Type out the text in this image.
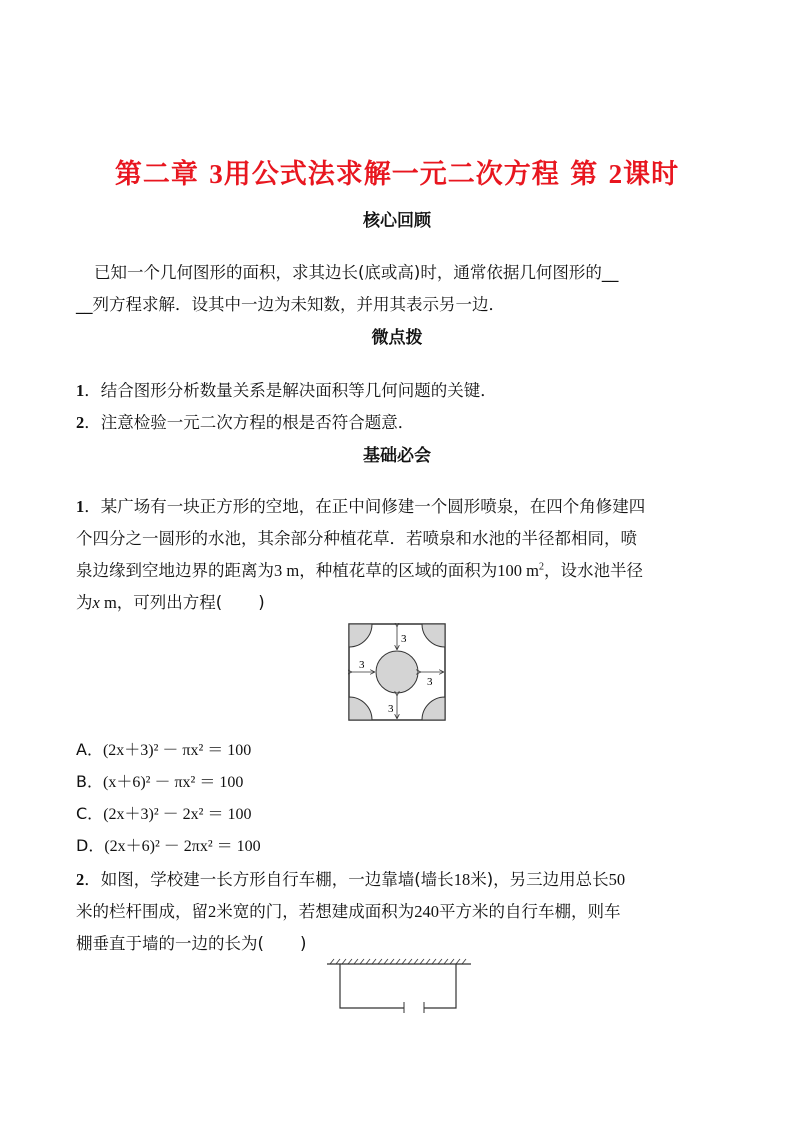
第二章 3用公式法求解一元二次方程 第 2课时
核心回顾
已知一个几何图形的面积，求其边长(底或高)时，通常依据几何图形的__
__列方程求解．设其中一边为未知数，并用其表示另一边．
微点拨
1．结合图形分析数量关系是解决面积等几何问题的关键．
2．注意检验一元二次方程的根是否符合题意．
基础必会
1．某广场有一块正方形的空地，在正中间修建一个圆形喷泉，在四个角修建四
个四分之一圆形的水池，其余部分种植花草．若喷泉和水池的半径都相同，喷
泉边缘到空地边界的距离为3 m，种植花草的区域的面积为100 $m^2$，设水池半径
为x m，可列出方程( )
3
3
3
3
A．(2x＋3)² － πx² ＝ 100
B．(x＋6)² － πx² ＝ 100
C．(2x＋3)² － 2x² ＝ 100
D．(2x＋6)² － 2πx² ＝ 100
2．如图，学校建一长方形自行车棚，一边靠墙(墙长18米)，另三边用总长50
米的栏杆围成，留2米宽的门，若想建成面积为240平方米的自行车棚，则车
棚垂直于墙的一边的长为( )
